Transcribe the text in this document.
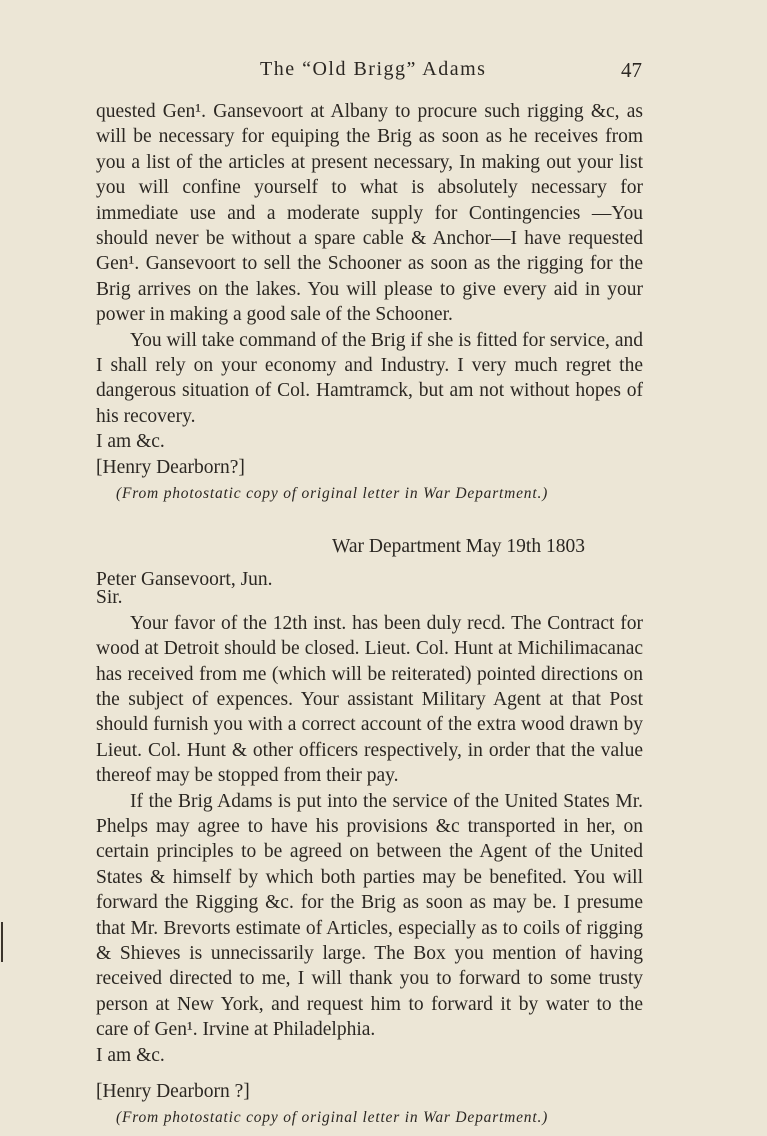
The “Old Brigg” Adams	47

quested Gen¹. Gansevoort at Albany to procure such rigging &c, as will be necessary for equiping the Brig as soon as he receives from you a list of the articles at present necessary, In making out your list you will confine yourself to what is absolutely necessary for immediate use and a moderate supply for Contingencies —You should never be without a spare cable & Anchor—I have requested Gen¹. Gansevoort to sell the Schooner as soon as the rigging for the Brig arrives on the lakes. You will please to give every aid in your power in making a good sale of the Schooner.

You will take command of the Brig if she is fitted for service, and I shall rely on your economy and Industry. I very much regret the dangerous situation of Col. Hamtramck, but am not without hopes of his recovery.

I am &c.

[Henry Dearborn?]

(From photostatic copy of original letter in War Department.)

War Department May 19th 1803

Peter Gansevoort, Jun.

Sir.

Your favor of the 12th inst. has been duly recd. The Contract for wood at Detroit should be closed. Lieut. Col. Hunt at Michilimacanac has received from me (which will be reiterated) pointed directions on the subject of expences. Your assistant Military Agent at that Post should furnish you with a correct account of the extra wood drawn by Lieut. Col. Hunt & other officers respectively, in order that the value thereof may be stopped from their pay.

If the Brig Adams is put into the service of the United States Mr. Phelps may agree to have his provisions &c transported in her, on certain principles to be agreed on between the Agent of the United States & himself by which both parties may be benefited. You will forward the Rigging &c. for the Brig as soon as may be. I presume that Mr. Brevorts estimate of Articles, especially as to coils of rigging & Shieves is unnecissarily large. The Box you mention of having received directed to me, I will thank you to forward to some trusty person at New York, and request him to forward it by water to the care of Gen¹. Irvine at Philadelphia.

I am &c.

[Henry Dearborn ?]

(From photostatic copy of original letter in War Department.)
